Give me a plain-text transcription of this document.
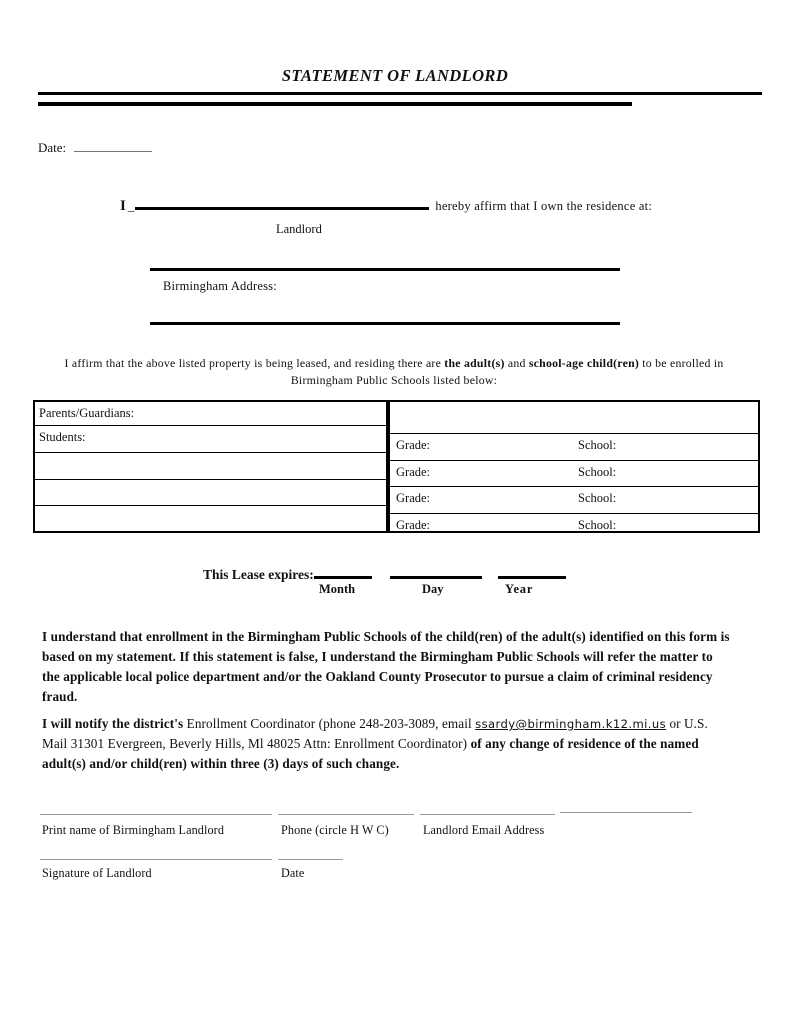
STATEMENT OF LANDLORD
Date:
I _	hereby affirm that I own the residence at:
Landlord
Birmingham Address:
I affirm that the above listed property is being leased, and residing there are the adult(s) and school-age child(ren) to be enrolled in Birmingham Public Schools listed below:
Parents/Guardians:
Students:
Grade:	School:
Grade:	School:
Grade:	School:
Grade:	School:
This Lease expires:
Month	Day	Year
I understand that enrollment in the Birmingham Public Schools of the child(ren) of the adult(s) identified on this form is based on my statement. If this statement is false, I understand the Birmingham Public Schools will refer the matter to the applicable local police department and/or the Oakland County Prosecutor to pursue a claim of criminal residency fraud.
I will notify the district's Enrollment Coordinator (phone 248-203-3089, email ssardy@birmingham.k12.mi.us or U.S. Mail 31301 Evergreen, Beverly Hills, Ml 48025 Attn: Enrollment Coordinator) of any change of residence of the named adult(s) and/or child(ren) within three (3) days of such change.
Print name of Birmingham Landlord	Phone (circle H W C)	Landlord Email Address
Signature of Landlord	Date
